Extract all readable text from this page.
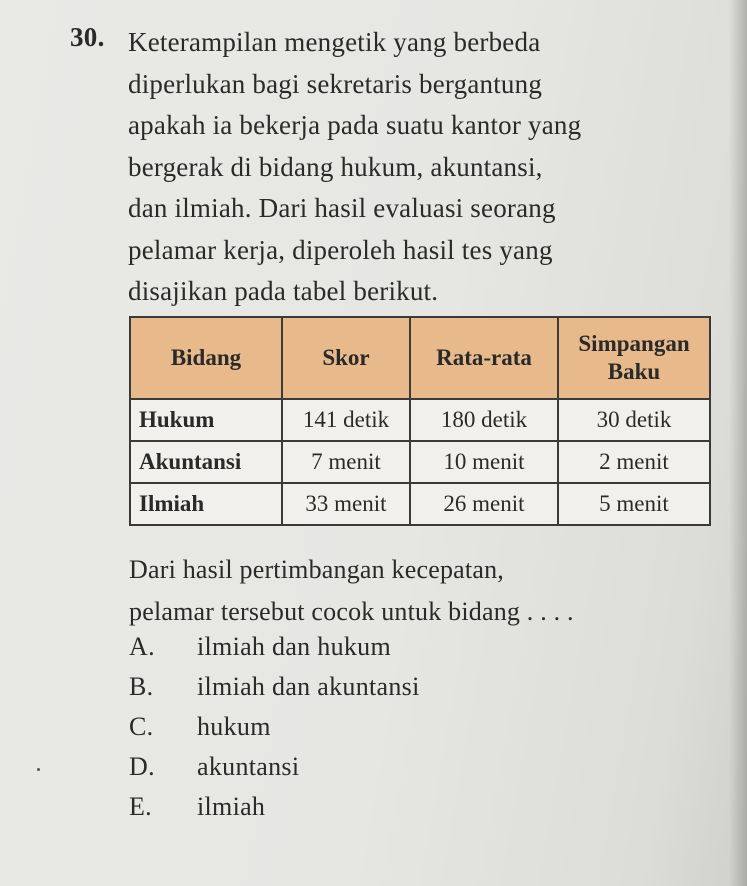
30. Keterampilan mengetik yang berbeda
diperlukan bagi sekretaris bergantung
apakah ia bekerja pada suatu kantor yang
bergerak di bidang hukum, akuntansi,
dan ilmiah. Dari hasil evaluasi seorang
pelamar kerja, diperoleh hasil tes yang
disajikan pada tabel berikut.
Bidang	Skor	Rata-rata	Simpangan
Baku
Hukum	141 detik	180 detik	30 detik
Akuntansi	7 menit	10 menit	2 menit
Ilmiah	33 menit	26 menit	5 menit
Dari hasil pertimbangan kecepatan,
pelamar tersebut cocok untuk bidang . . . .
A. ilmiah dan hukum
B. ilmiah dan akuntansi
C. hukum
D. akuntansi
E. ilmiah
